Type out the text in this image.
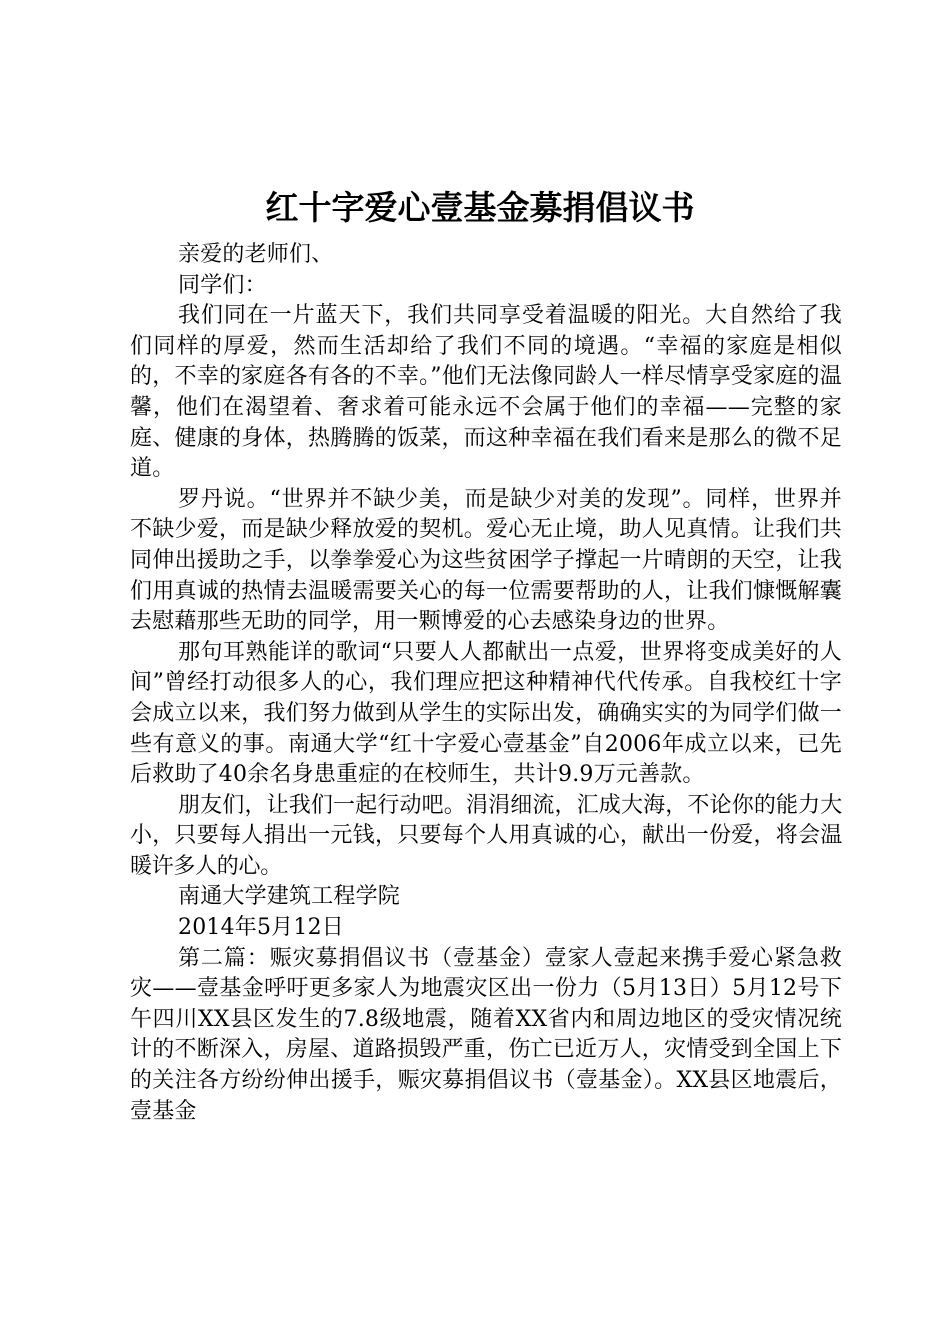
红十字爱心壹基金募捐倡议书

亲爱的老师们、

同学们：

我们同在一片蓝天下，我们共同享受着温暖的阳光。大自然给了我们同样的厚爱，然而生活却给了我们不同的境遇。“幸福的家庭是相似的，不幸的家庭各有各的不幸。”他们无法像同龄人一样尽情享受家庭的温馨，他们在渴望着、奢求着可能永远不会属于他们的幸福——完整的家庭、健康的身体，热腾腾的饭菜，而这种幸福在我们看来是那么的微不足道。

罗丹说。“世界并不缺少美，而是缺少对美的发现”。同样，世界并不缺少爱，而是缺少释放爱的契机。爱心无止境，助人见真情。让我们共同伸出援助之手，以拳拳爱心为这些贫困学子撑起一片晴朗的天空，让我们用真诚的热情去温暖需要关心的每一位需要帮助的人，让我们慷慨解囊去慰藉那些无助的同学，用一颗博爱的心去感染身边的世界。

那句耳熟能详的歌词“只要人人都献出一点爱，世界将变成美好的人间”曾经打动很多人的心，我们理应把这种精神代代传承。自我校红十字会成立以来，我们努力做到从学生的实际出发，确确实实的为同学们做一些有意义的事。南通大学“红十字爱心壹基金”自2006年成立以来，已先后救助了40余名身患重症的在校师生，共计9.9万元善款。

朋友们，让我们一起行动吧。涓涓细流，汇成大海，不论你的能力大小，只要每人捐出一元钱，只要每个人用真诚的心，献出一份爱，将会温暖许多人的心。

南通大学建筑工程学院

2014年5月12日

第二篇：赈灾募捐倡议书（壹基金）壹家人壹起来携手爱心紧急救灾——壹基金呼吁更多家人为地震灾区出一份力（5月13日）5月12号下午四川XX县区发生的7.8级地震，随着XX省内和周边地区的受灾情况统计的不断深入，房屋、道路损毁严重，伤亡已近万人，灾情受到全国上下的关注各方纷纷伸出援手，赈灾募捐倡议书（壹基金）。XX县区地震后，壹基金
